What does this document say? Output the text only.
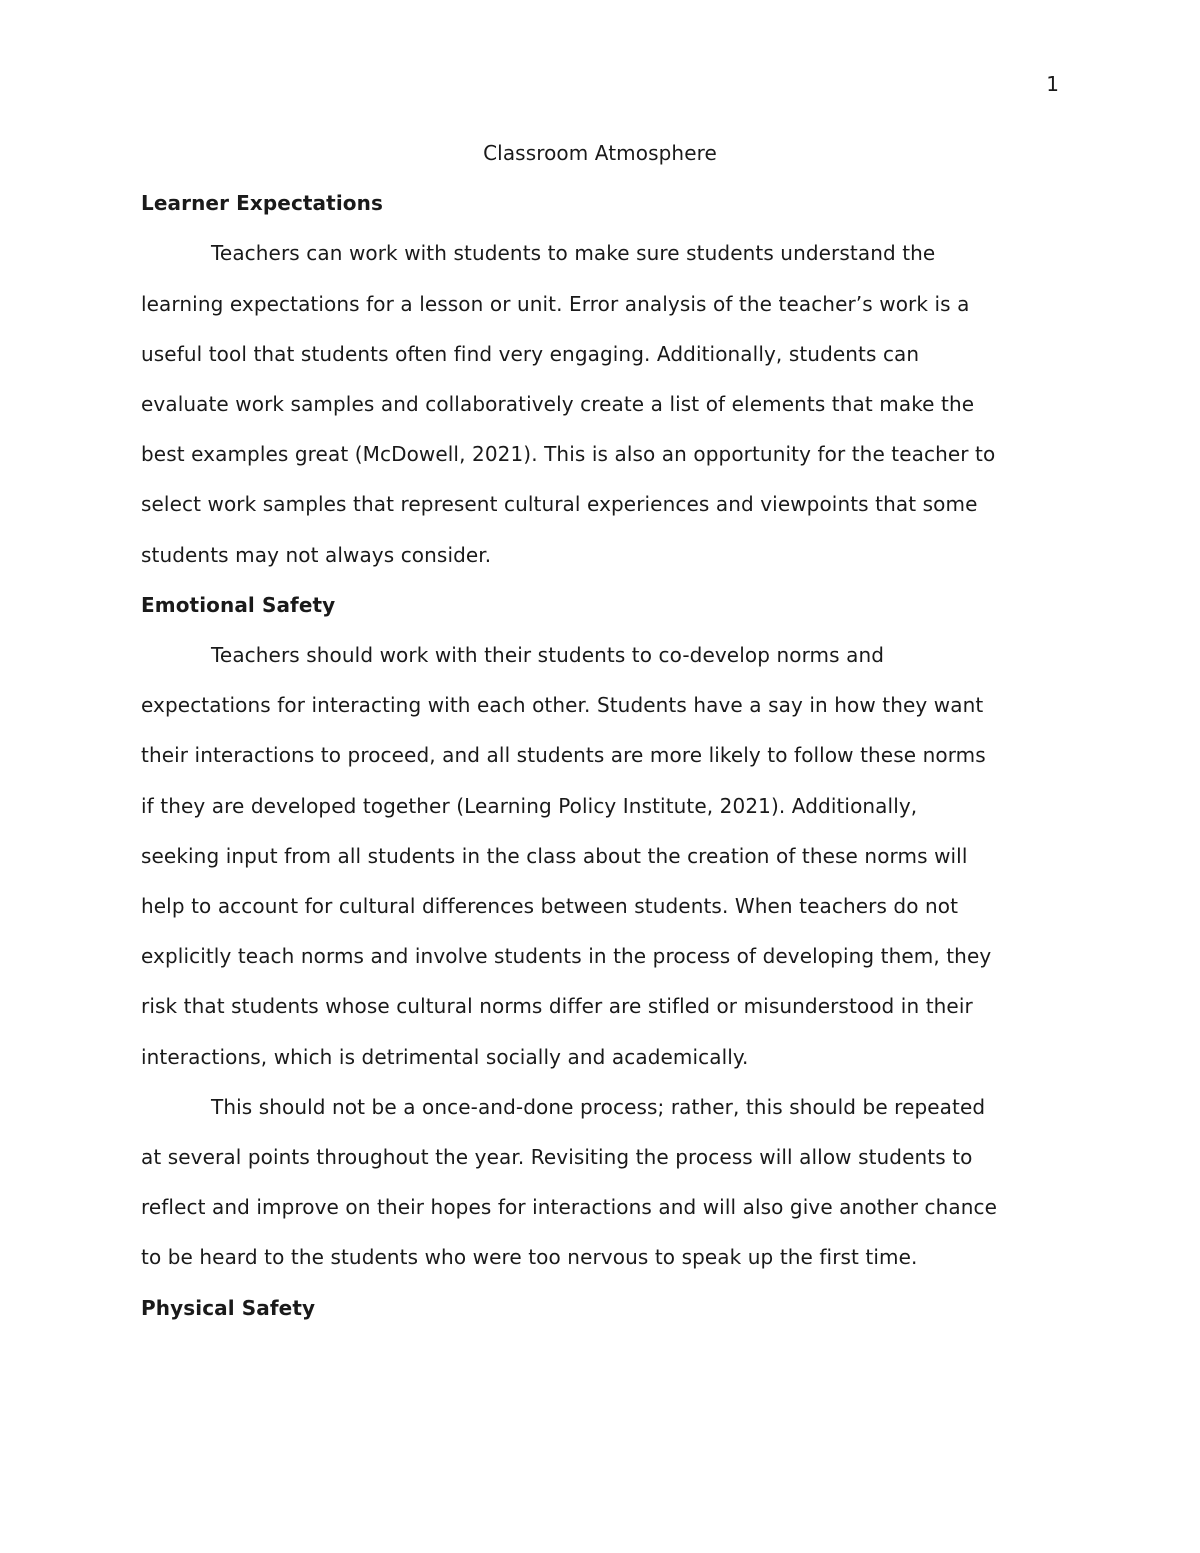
1
Classroom Atmosphere
Learner Expectations

Teachers can work with students to make sure students understand the
learning expectations for a lesson or unit. Error analysis of the teacher’s work is a
useful tool that students often find very engaging. Additionally, students can
evaluate work samples and collaboratively create a list of elements that make the
best examples great (McDowell, 2021). This is also an opportunity for the teacher to
select work samples that represent cultural experiences and viewpoints that some
students may not always consider.

Emotional Safety

Teachers should work with their students to co-develop norms and
expectations for interacting with each other. Students have a say in how they want
their interactions to proceed, and all students are more likely to follow these norms
if they are developed together (Learning Policy Institute, 2021). Additionally,
seeking input from all students in the class about the creation of these norms will
help to account for cultural differences between students. When teachers do not
explicitly teach norms and involve students in the process of developing them, they
risk that students whose cultural norms differ are stifled or misunderstood in their
interactions, which is detrimental socially and academically.

This should not be a once-and-done process; rather, this should be repeated
at several points throughout the year. Revisiting the process will allow students to
reflect and improve on their hopes for interactions and will also give another chance
to be heard to the students who were too nervous to speak up the first time.

Physical Safety
